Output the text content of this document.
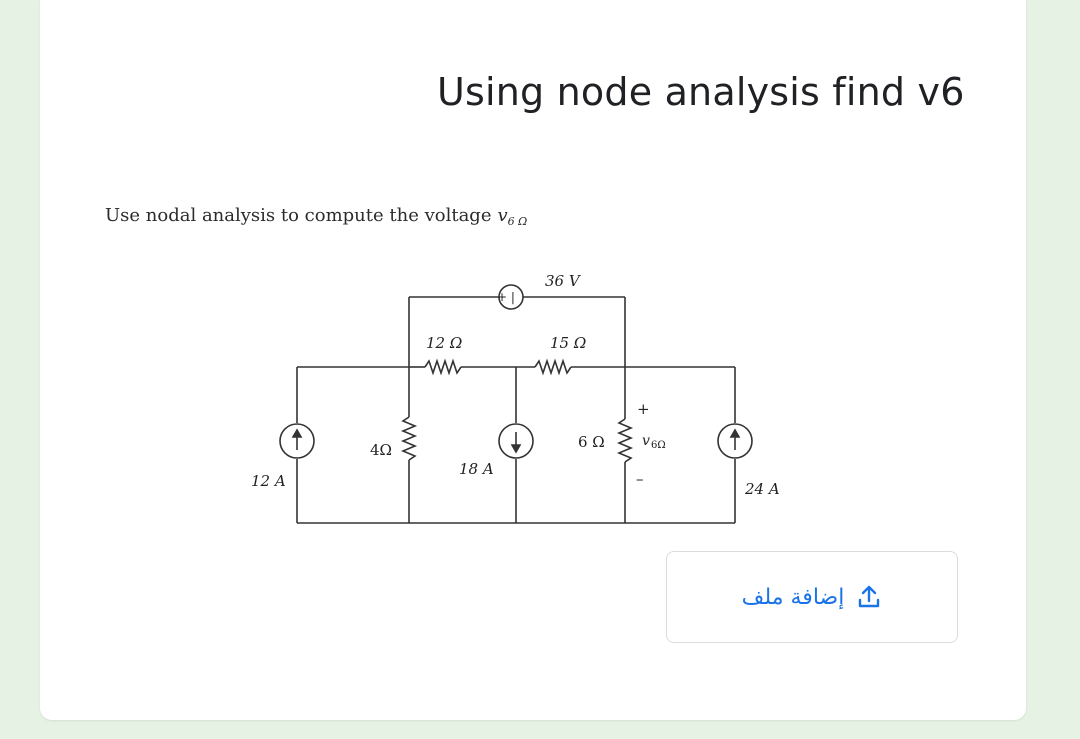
Using node analysis find v6
Use nodal analysis to compute the voltage $v_{6 \Omega}$
+ |
36 V
12 Ω	15 Ω
4Ω
12 A
18 A
6 Ω
+
v 6Ω
–
24 A
إضافة ملف
